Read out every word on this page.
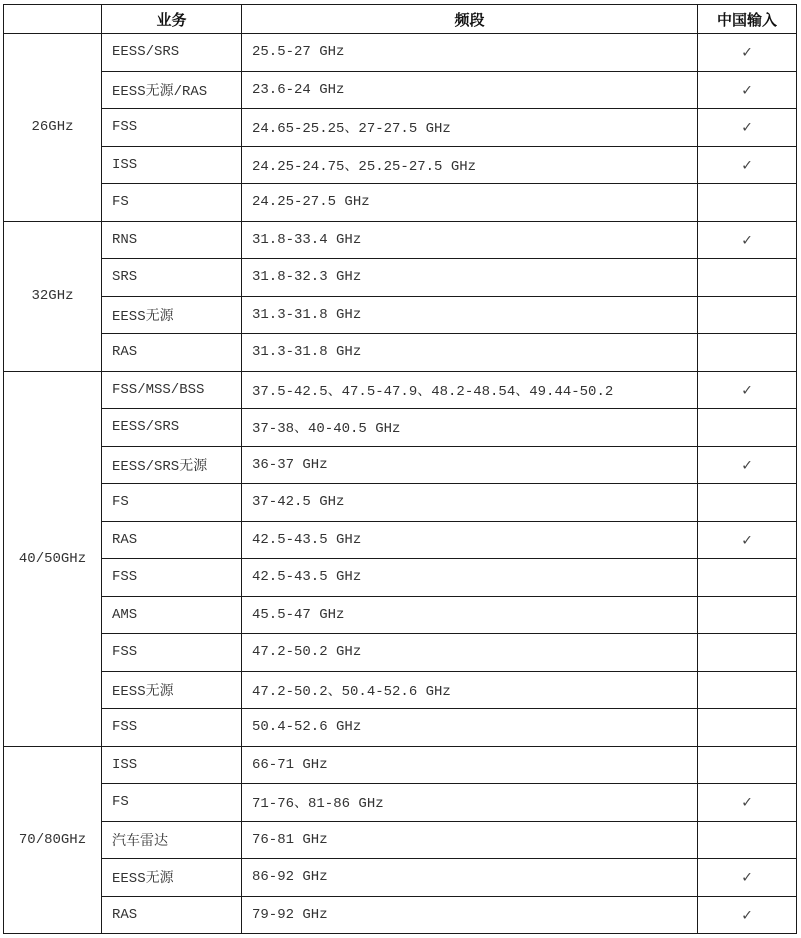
	业务	频段	中国输入
26GHz	EESS/SRS	25.5-27 GHz	✓
	EESS无源/RAS	23.6-24 GHz	✓
	FSS	24.65-25.25、27-27.5 GHz	✓
	ISS	24.25-24.75、25.25-27.5 GHz	✓
	FS	24.25-27.5 GHz	
32GHz	RNS	31.8-33.4 GHz	✓
	SRS	31.8-32.3 GHz	
	EESS无源	31.3-31.8 GHz	
	RAS	31.3-31.8 GHz	
40/50GHz	FSS/MSS/BSS	37.5-42.5、47.5-47.9、48.2-48.54、49.44-50.2	✓
	EESS/SRS	37-38、40-40.5 GHz	
	EESS/SRS无源	36-37 GHz	✓
	FS	37-42.5 GHz	
	RAS	42.5-43.5 GHz	✓
	FSS	42.5-43.5 GHz	
	AMS	45.5-47 GHz	
	FSS	47.2-50.2 GHz	
	EESS无源	47.2-50.2、50.4-52.6 GHz	
	FSS	50.4-52.6 GHz	
70/80GHz	ISS	66-71 GHz	
	FS	71-76、81-86 GHz	✓
	汽车雷达	76-81 GHz	
	EESS无源	86-92 GHz	✓
	RAS	79-92 GHz	✓
